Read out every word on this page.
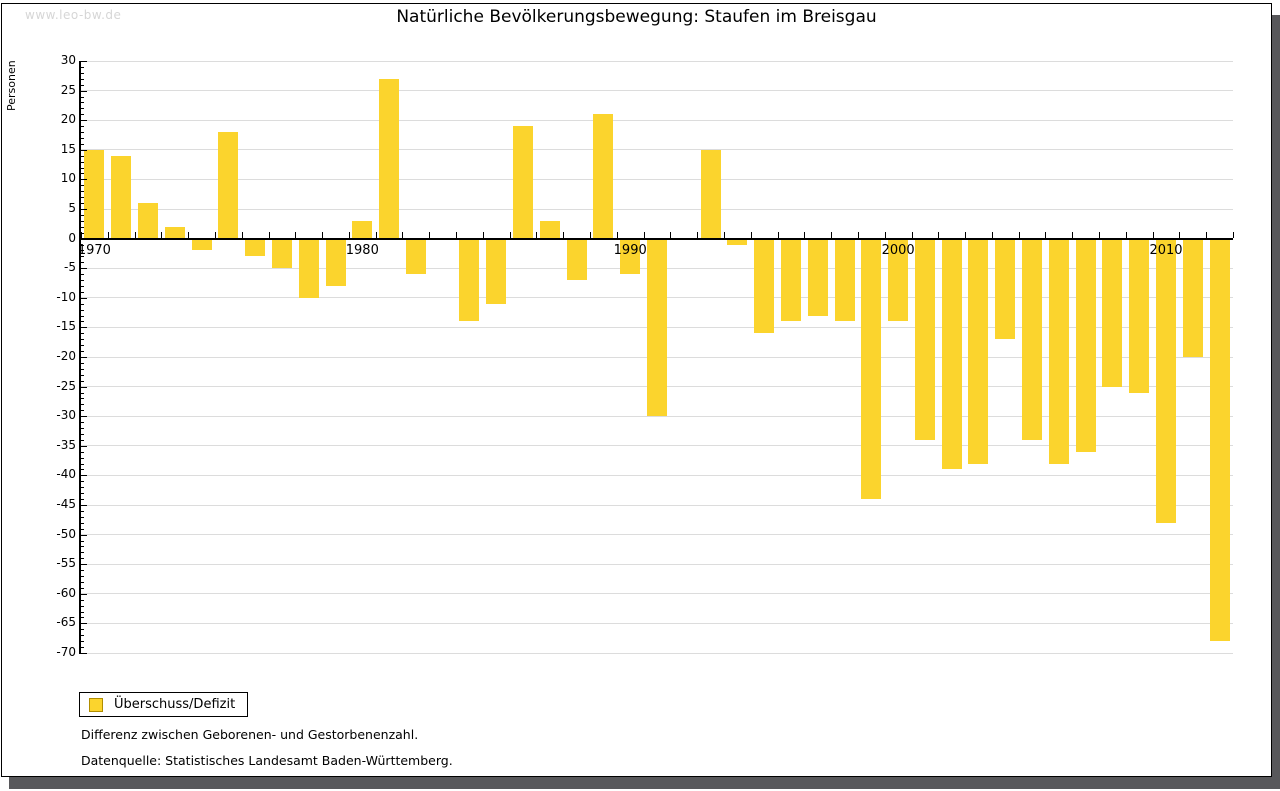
www.leo-bw.de	Natürliche Bevölkerungsbewegung: Staufen im Breisgau
Personen
30
25
20
15
10
5
0
-5
-10
-15
-20
-25
-30
-35
-40
-45
-50
-55
-60
-65
-70
1970	1980	1990	2000	2010
Überschuss/Defizit
Differenz zwischen Geborenen- und Gestorbenenzahl.
Datenquelle: Statistisches Landesamt Baden-Württemberg.
